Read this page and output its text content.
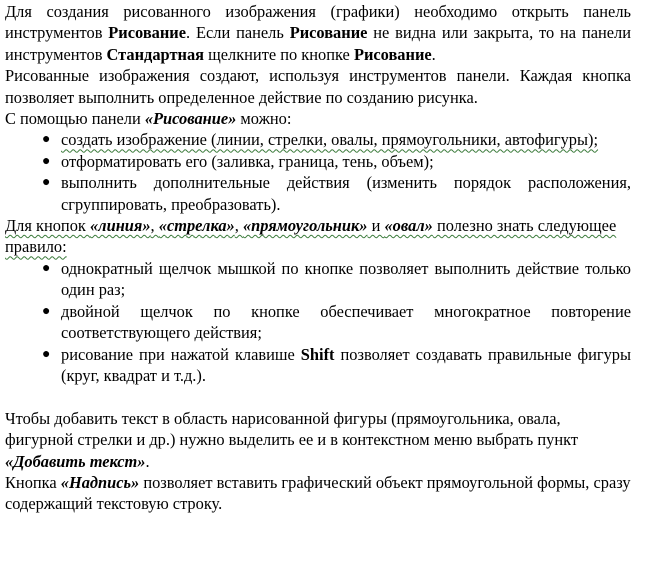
Для создания рисованного изображения (графики) необходимо открыть панель инструментов Рисование. Если панель Рисование не видна или закрыта, то на панели инструментов Стандартная щелкните по кнопке Рисование.

Рисованные изображения создают, используя инструментов панели. Каждая кнопка позволяет выполнить определенное действие по созданию рисунка.

С помощью панели «Рисование» можно:

● создать изображение (линии, стрелки, овалы, прямоугольники, автофигуры);
● отформатировать его (заливка, граница, тень, объем);
● выполнить дополнительные действия (изменить порядок расположения, сгруппировать, преобразовать).

Для кнопок «линия», «стрелка», «прямоугольник» и «овал» полезно знать следующее правило:

● однократный щелчок мышкой по кнопке позволяет выполнить действие только один раз;
● двойной щелчок по кнопке обеспечивает многократное повторение соответствующего действия;
● рисование при нажатой клавише Shift позволяет создавать правильные фигуры (круг, квадрат и т.д.).

Чтобы добавить текст в область нарисованной фигуры (прямоугольника, овала, фигурной стрелки и др.) нужно выделить ее и в контекстном меню выбрать пункт «Добавить текст».

Кнопка «Надпись» позволяет вставить графический объект прямоугольной формы, сразу содержащий текстовую строку.
